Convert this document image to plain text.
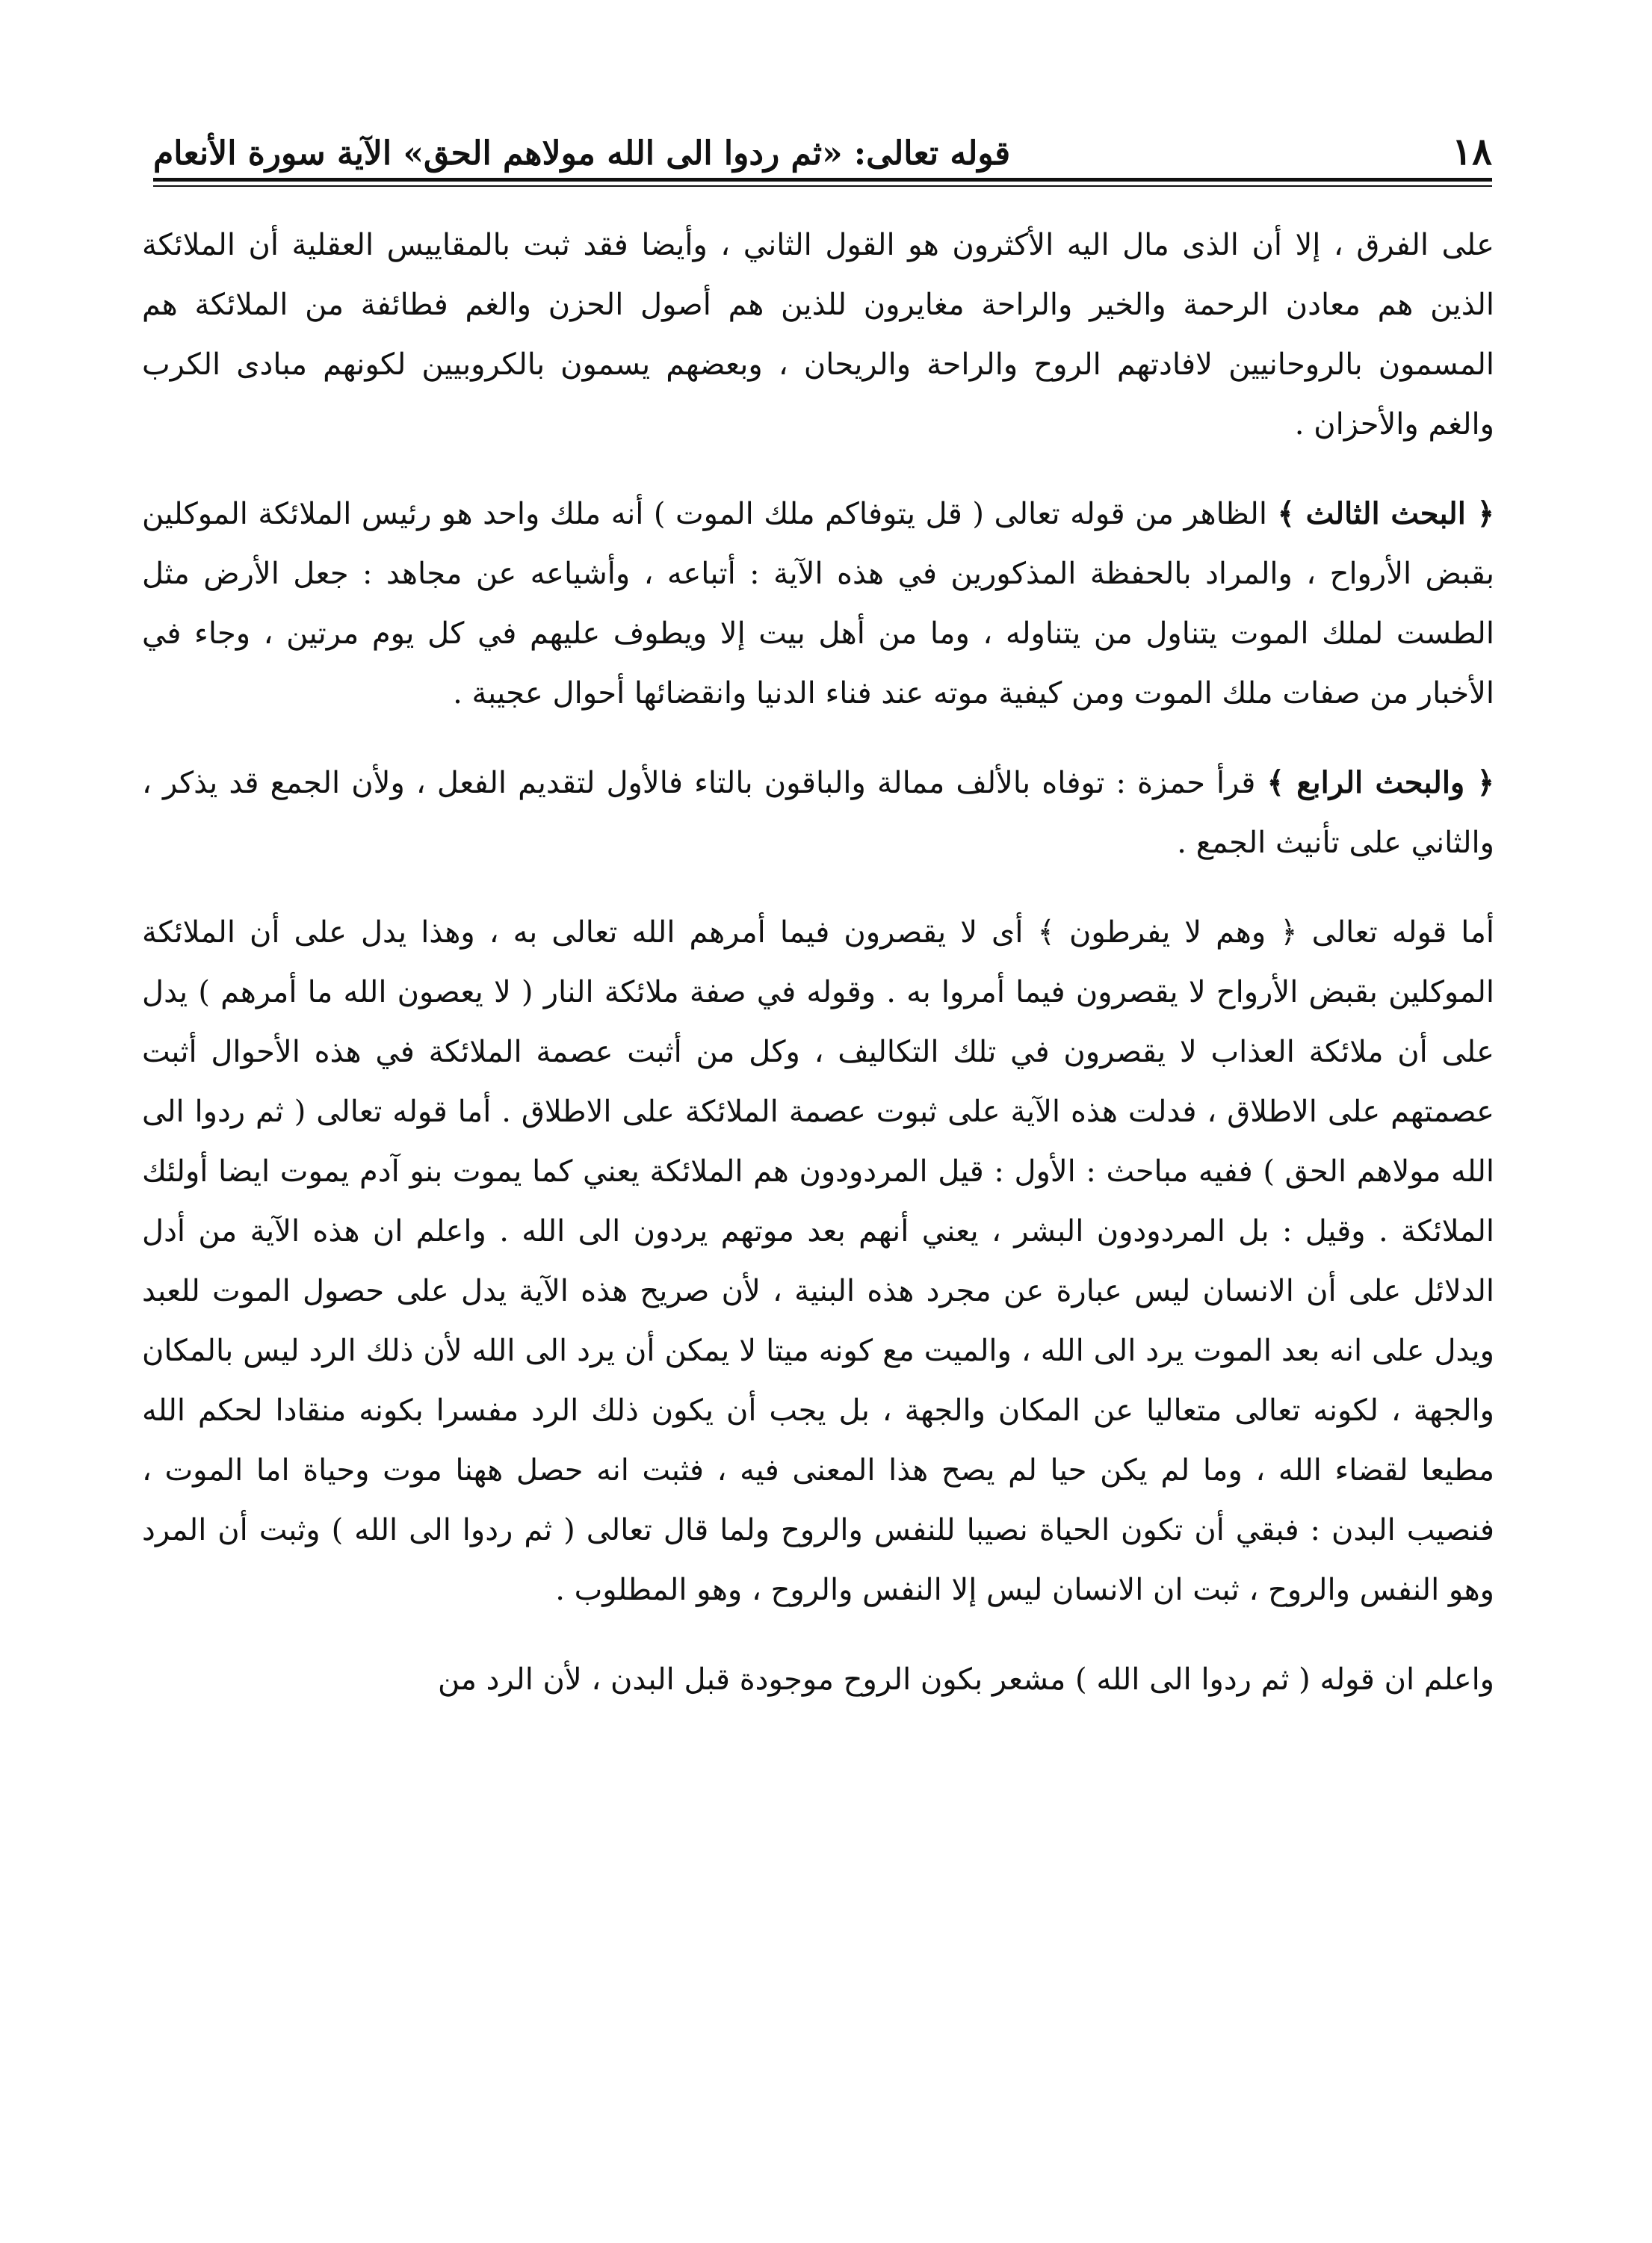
١٨
قوله تعالى: «ثم ردوا الى الله مولاهم الحق» الآية سورة الأنعام

على الفرق ، إلا أن الذى مال اليه الأكثرون هو القول الثاني ، وأيضا فقد ثبت بالمقاييس العقلية أن الملائكة الذين هم معادن الرحمة والخير والراحة مغايرون للذين هم أصول الحزن والغم فطائفة من الملائكة هم المسمون بالروحانيين لافادتهم الروح والراحة والريحان ، وبعضهم يسمون بالكروبيين لكونهم مبادى الكرب والغم والأحزان .

﴿ البحث الثالث ﴾ الظاهر من قوله تعالى ( قل يتوفاكم ملك الموت ) أنه ملك واحد هو رئيس الملائكة الموكلين بقبض الأرواح ، والمراد بالحفظة المذكورين في هذه الآية : أتباعه ، وأشياعه عن مجاهد : جعل الأرض مثل الطست لملك الموت يتناول من يتناوله ، وما من أهل بيت إلا ويطوف عليهم في كل يوم مرتين ، وجاء في الأخبار من صفات ملك الموت ومن كيفية موته عند فناء الدنيا وانقضائها أحوال عجيبة .

﴿ والبحث الرابع ﴾ قرأ حمزة : توفاه بالألف ممالة والباقون بالتاء فالأول لتقديم الفعل ، ولأن الجمع قد يذكر ، والثاني على تأنيث الجمع .

أما قوله تعالى ﴿ وهم لا يفرطون ﴾ أى لا يقصرون فيما أمرهم الله تعالى به ، وهذا يدل على أن الملائكة الموكلين بقبض الأرواح لا يقصرون فيما أمروا به . وقوله في صفة ملائكة النار ( لا يعصون الله ما أمرهم ) يدل على أن ملائكة العذاب لا يقصرون في تلك التكاليف ، وكل من أثبت عصمة الملائكة في هذه الأحوال أثبت عصمتهم على الاطلاق ، فدلت هذه الآية على ثبوت عصمة الملائكة على الاطلاق . أما قوله تعالى ( ثم ردوا الى الله مولاهم الحق ) ففيه مباحث : الأول : قيل المردودون هم الملائكة يعني كما يموت بنو آدم يموت ايضا أولئك الملائكة . وقيل : بل المردودون البشر ، يعني أنهم بعد موتهم يردون الى الله . واعلم ان هذه الآية من أدل الدلائل على أن الانسان ليس عبارة عن مجرد هذه البنية ، لأن صريح هذه الآية يدل على حصول الموت للعبد ويدل على انه بعد الموت يرد الى الله ، والميت مع كونه ميتا لا يمكن أن يرد الى الله لأن ذلك الرد ليس بالمكان والجهة ، لكونه تعالى متعاليا عن المكان والجهة ، بل يجب أن يكون ذلك الرد مفسرا بكونه منقادا لحكم الله مطيعا لقضاء الله ، وما لم يكن حيا لم يصح هذا المعنى فيه ، فثبت انه حصل ههنا موت وحياة اما الموت ، فنصيب البدن : فبقي أن تكون الحياة نصيبا للنفس والروح ولما قال تعالى ( ثم ردوا الى الله ) وثبت أن المرد وهو النفس والروح ، ثبت ان الانسان ليس إلا النفس والروح ، وهو المطلوب .

واعلم ان قوله ( ثم ردوا الى الله ) مشعر بكون الروح موجودة قبل البدن ، لأن الرد من
